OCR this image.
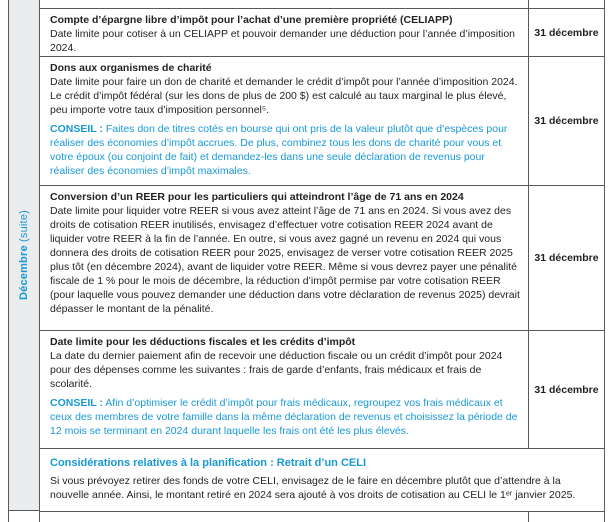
Décembre (suite)

Compte d’épargne libre d’impôt pour l’achat d’une première propriété (CELIAPP)

Date limite pour cotiser à un CELIAPP et pouvoir demander une déduction pour l’année d’imposition 2024.

31 décembre

Dons aux organismes de charité

Date limite pour faire un don de charité et demander le crédit d’impôt pour l’année d’imposition 2024. Le crédit d’impôt fédéral (sur les dons de plus de 200 $) est calculé au taux marginal le plus élevé, peu importe votre taux d’imposition personnel⁵.

CONSEIL : Faites don de titres cotés en bourse qui ont pris de la valeur plutôt que d’espèces pour réaliser des économies d’impôt accrues. De plus, combinez tous les dons de charité pour vous et votre époux (ou conjoint de fait) et demandez-les dans une seule déclaration de revenus pour réaliser des économies d’impôt maximales.

31 décembre

Conversion d’un REER pour les particuliers qui atteindront l’âge de 71 ans en 2024

Date limite pour liquider votre REER si vous avez atteint l’âge de 71 ans en 2024. Si vous avez des droits de cotisation REER inutilisés, envisagez d’effectuer votre cotisation REER 2024 avant de liquider votre REER à la fin de l’année. En outre, si vous avez gagné un revenu en 2024 qui vous donnera des droits de cotisation REER pour 2025, envisagez de verser votre cotisation REER 2025 plus tôt (en décembre 2024), avant de liquider votre REER. Même si vous devrez payer une pénalité fiscale de 1 % pour le mois de décembre, la réduction d’impôt permise par votre cotisation REER (pour laquelle vous pouvez demander une déduction dans votre déclaration de revenus 2025) devrait dépasser le montant de la pénalité.

31 décembre

Date limite pour les déductions fiscales et les crédits d’impôt

La date du dernier paiement afin de recevoir une déduction fiscale ou un crédit d’impôt pour 2024 pour des dépenses comme les suivantes : frais de garde d’enfants, frais médicaux et frais de scolarité.

CONSEIL : Afin d’optimiser le crédit d’impôt pour frais médicaux, regroupez vos frais médicaux et ceux des membres de votre famille dans la même déclaration de revenus et choisissez la période de 12 mois se terminant en 2024 durant laquelle les frais ont été les plus élevés.

31 décembre

Considérations relatives à la planification : Retrait d’un CELI

Si vous prévoyez retirer des fonds de votre CELI, envisagez de le faire en décembre plutôt que d’attendre à la nouvelle année. Ainsi, le montant retiré en 2024 sera ajouté à vos droits de cotisation au CELI le 1ᵉʳ janvier 2025.
